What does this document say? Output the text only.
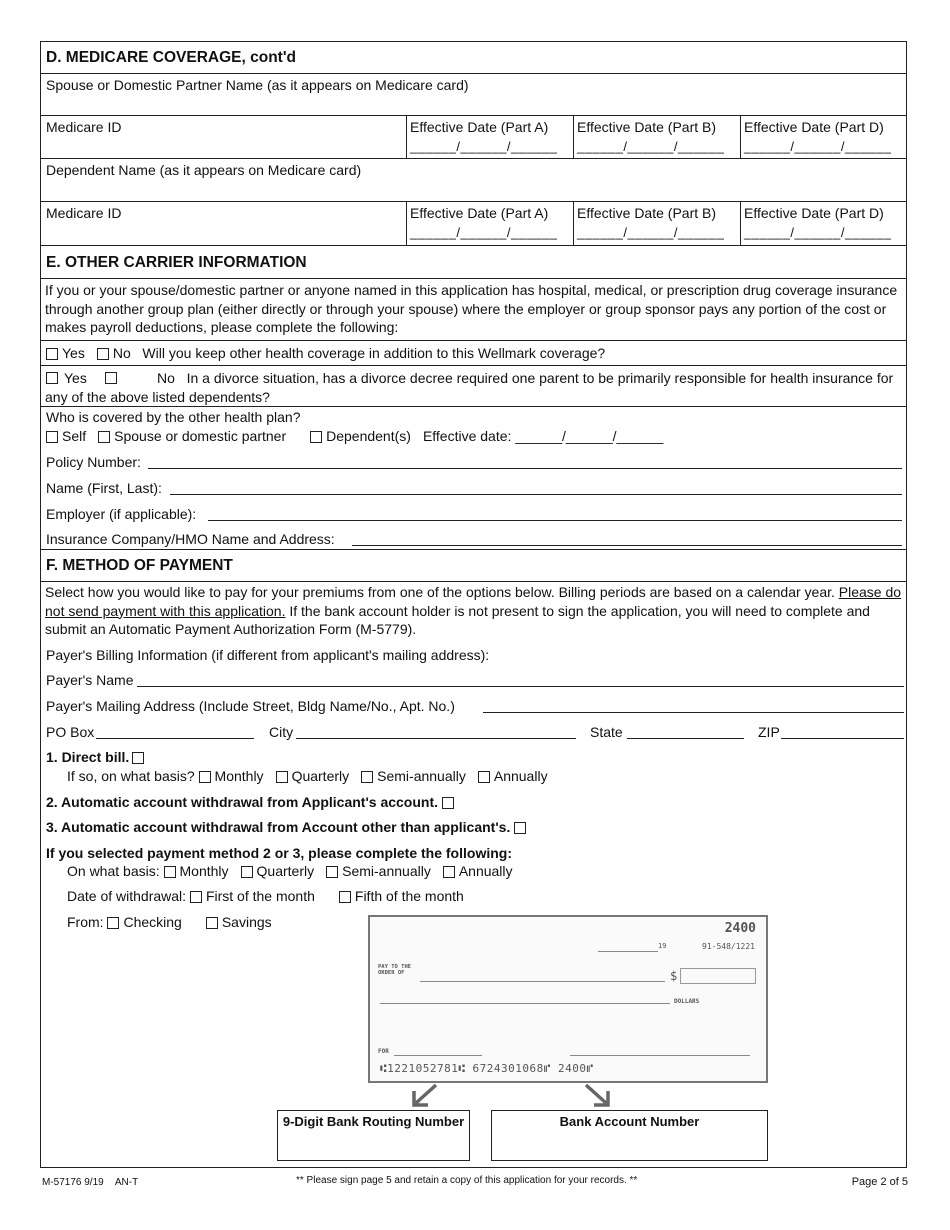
D. MEDICARE COVERAGE, cont'd
Spouse or Domestic Partner Name (as it appears on Medicare card)
Medicare ID	Effective Date (Part A) Effective Date (Part B) Effective Date (Part D)
______/______/______ ______/______/______ ______/______/______
Dependent Name (as it appears on Medicare card)
Medicare ID	Effective Date (Part A) Effective Date (Part B) Effective Date (Part D)
______/______/______ ______/______/______ ______/______/______
E. OTHER CARRIER INFORMATION
If you or your spouse/domestic partner or anyone named in this application has hospital, medical, or prescription drug coverage insurance through another group plan (either directly or through your spouse) where the employer or group sponsor pays any portion of the cost or makes payroll deductions, please complete the following:
Yes No Will you keep other health coverage in addition to this Wellmark coverage?
Yes	No In a divorce situation, has a divorce decree required one parent to be primarily responsible for health insurance for any of the above listed dependents?
Who is covered by the other health plan?
Self Spouse or domestic partner	Dependent(s) Effective date: ______/______/______
Policy Number:
Name (First, Last):
Employer (if applicable):
Insurance Company/HMO Name and Address:
F. METHOD OF PAYMENT
Select how you would like to pay for your premiums from one of the options below. Billing periods are based on a calendar year. Please do not send payment with this application. If the bank account holder is not present to sign the application, you will need to complete and submit an Automatic Payment Authorization Form (M-5779).
Payer's Billing Information (if different from applicant's mailing address):
Payer's Name
Payer's Mailing Address (Include Street, Bldg Name/No., Apt. No.)
PO Box	City	State	ZIP
1. Direct bill.
If so, on what basis? Monthly Quarterly Semi-annually Annually
2. Automatic account withdrawal from Applicant's account.
3. Automatic account withdrawal from Account other than applicant's.
If you selected payment method 2 or 3, please complete the following:
On what basis: Monthly Quarterly Semi-annually Annually
Date of withdrawal: First of the month	Fifth of the month
From: Checking	Savings	2400
19	91-548/1221
PAY TO THE ORDER OF	$
DOLLARS
FOR
⑆1221052781⑆ 6724301068⑈ 2400⑈
9-Digit Bank Routing Number	Bank Account Number
M-57176 9/19 AN-T	** Please sign page 5 and retain a copy of this application for your records. **	Page 2 of 5
